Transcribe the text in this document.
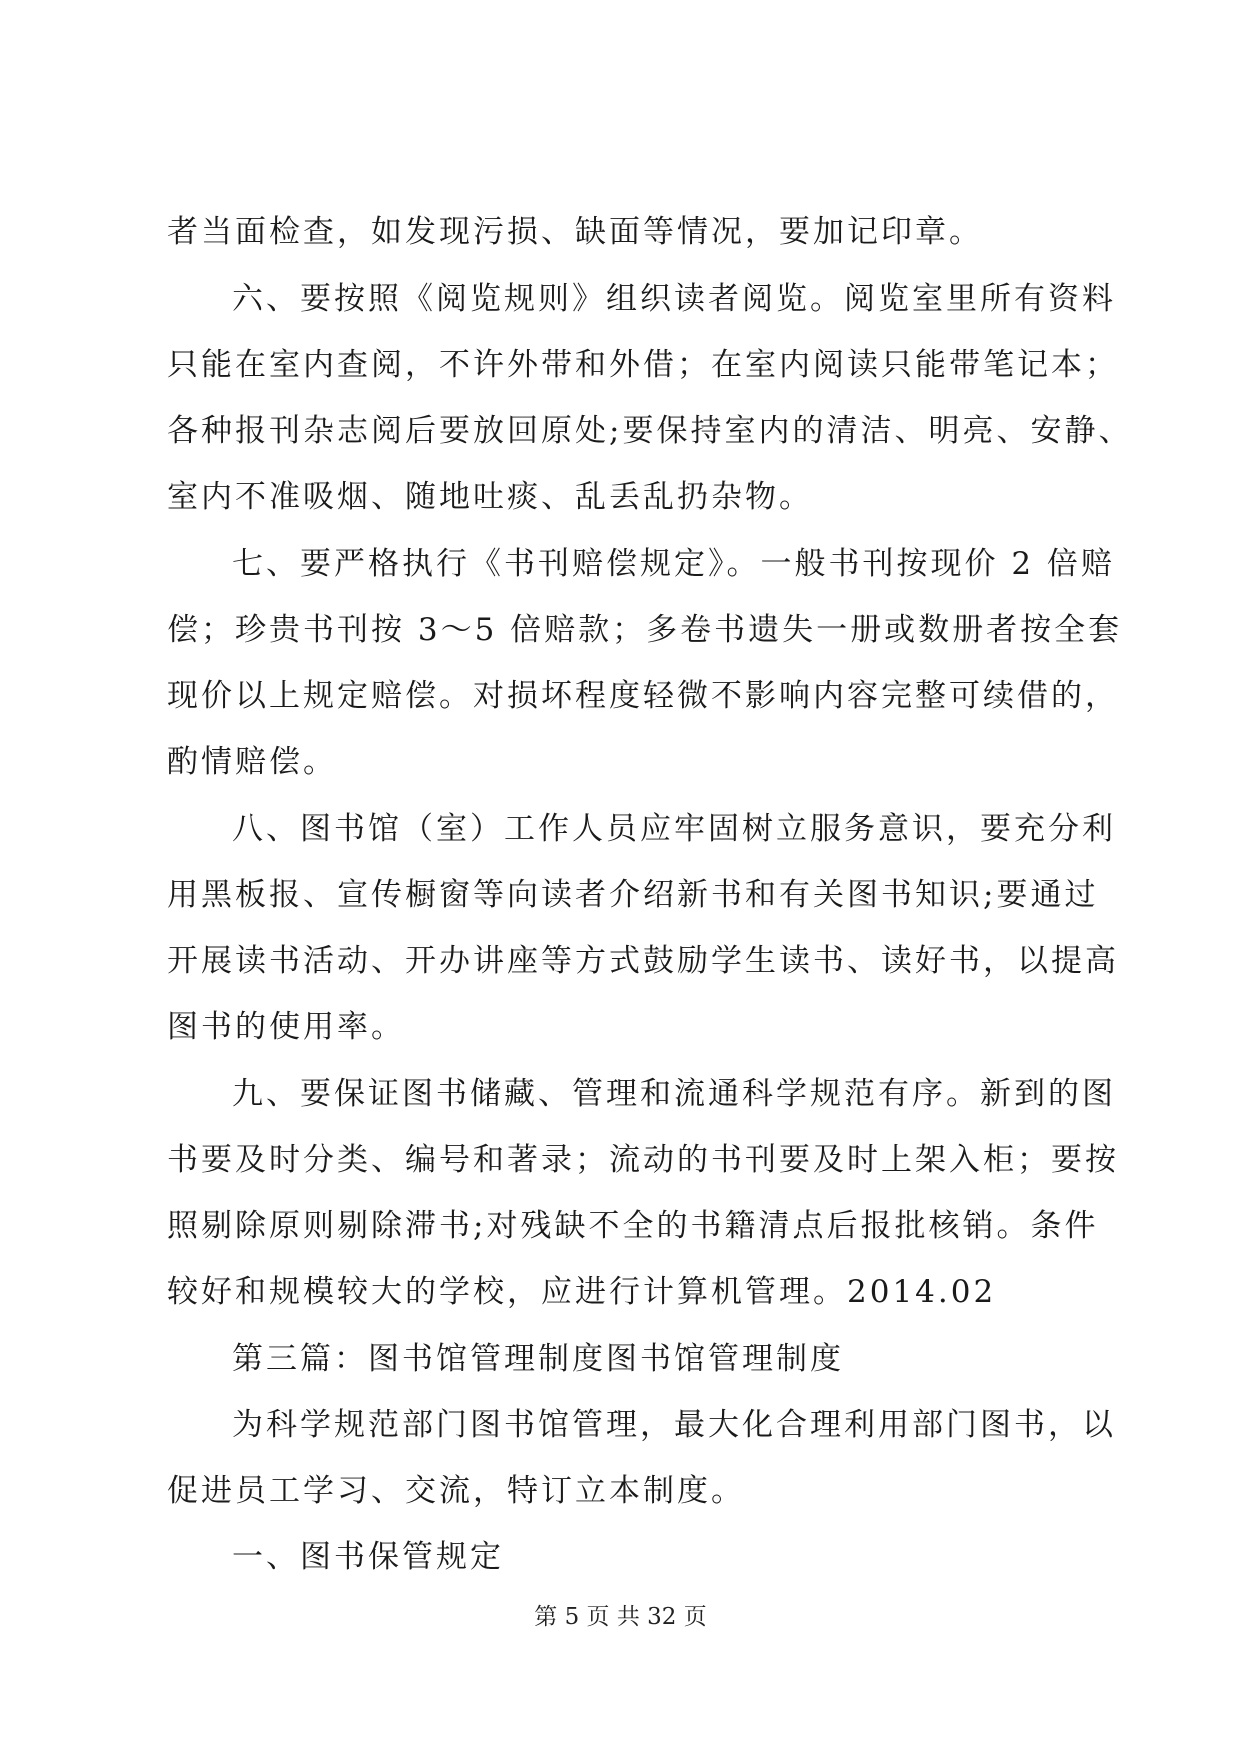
者当面检查，如发现污损、缺面等情况，要加记印章。
六、要按照《阅览规则》组织读者阅览。阅览室里所有资料
只能在室内查阅，不许外带和外借；在室内阅读只能带笔记本；
各种报刊杂志阅后要放回原处;要保持室内的清洁、明亮、安静、
室内不准吸烟、随地吐痰、乱丢乱扔杂物。
七、要严格执行《书刊赔偿规定》。一般书刊按现价 2 倍赔
偿；珍贵书刊按 3～5 倍赔款；多卷书遗失一册或数册者按全套
现价以上规定赔偿。对损坏程度轻微不影响内容完整可续借的，
酌情赔偿。
八、图书馆（室）工作人员应牢固树立服务意识，要充分利
用黑板报、宣传橱窗等向读者介绍新书和有关图书知识;要通过
开展读书活动、开办讲座等方式鼓励学生读书、读好书，以提高
图书的使用率。
九、要保证图书储藏、管理和流通科学规范有序。新到的图
书要及时分类、编号和著录；流动的书刊要及时上架入柜；要按
照剔除原则剔除滞书;对残缺不全的书籍清点后报批核销。条件
较好和规模较大的学校，应进行计算机管理。2014.02
第三篇：图书馆管理制度图书馆管理制度
为科学规范部门图书馆管理，最大化合理利用部门图书，以
促进员工学习、交流，特订立本制度。
一、图书保管规定
第 5 页 共 32 页
